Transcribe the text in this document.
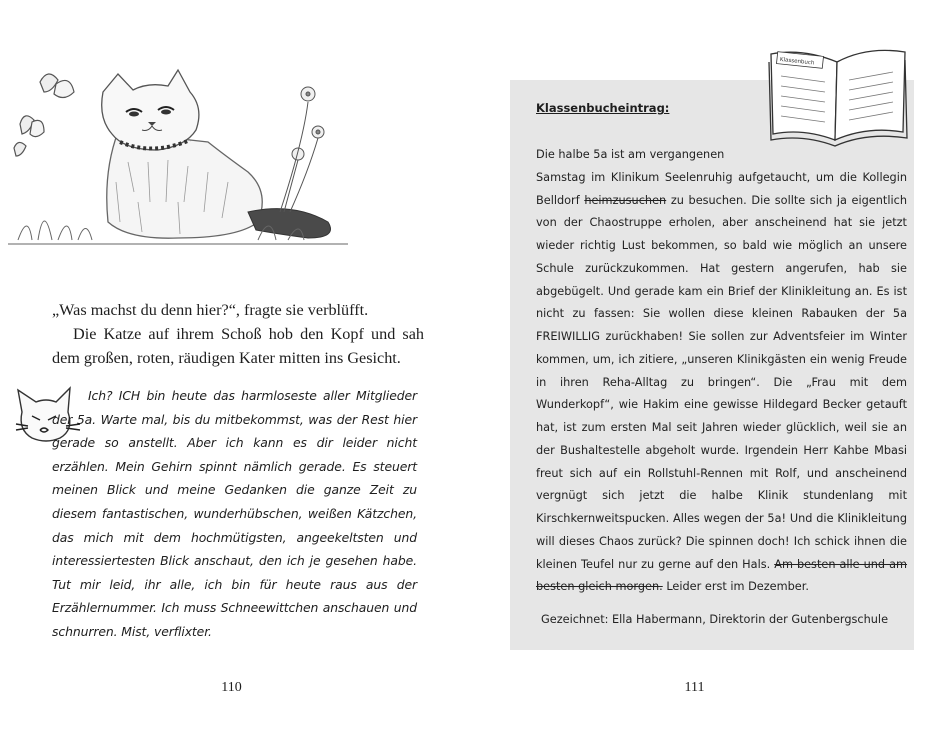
„Was machst du denn hier?“, fragte sie verblüfft.

Die Katze auf ihrem Schoß hob den Kopf und sah dem großen, roten, räudigen Kater mitten ins Gesicht.

Ich? ICH bin heute das harmloseste aller Mitglieder der 5a. Warte mal, bis du mitbekommst, was der Rest hier gerade so anstellt. Aber ich kann es dir leider nicht erzählen. Mein Gehirn spinnt nämlich gerade. Es steuert meinen Blick und meine Gedanken die ganze Zeit zu diesem fantastischen, wunderhübschen, weißen Kätzchen, das mich mit dem hochmütigsten, angeekeltsten und interessiertesten Blick anschaut, den ich je gesehen habe. Tut mir leid, ihr alle, ich bin für heute raus aus der Erzählernummer. Ich muss Schneewittchen anschauen und schnurren. Mist, verflixter.
110
Klassenbuch
Klassenbucheintrag:

Die halbe 5a ist am vergangenen
Samstag im Klinikum Seelenruhig aufgetaucht, um die Kollegin Belldorf heimzusuchen zu besuchen. Die sollte sich ja eigentlich von der Chaostruppe erholen, aber anscheinend hat sie jetzt wieder richtig Lust bekommen, so bald wie möglich an unsere Schule zurückzukommen. Hat gestern angerufen, hab sie abgebügelt. Und gerade kam ein Brief der Klinikleitung an. Es ist nicht zu fassen: Sie wollen diese kleinen Rabauken der 5a FREIWILLIG zurückhaben! Sie sollen zur Adventsfeier im Winter kommen, um, ich zitiere, „unseren Klinikgästen ein wenig Freude in ihren Reha-Alltag zu bringen“. Die „Frau mit dem Wunderkopf“, wie Hakim eine gewisse Hildegard Becker getauft hat, ist zum ersten Mal seit Jahren wieder glücklich, weil sie an der Bushaltestelle abgeholt wurde. Irgendein Herr Kahbe Mbasi freut sich auf ein Rollstuhl-Rennen mit Rolf, und anscheinend vergnügt sich jetzt die halbe Klinik stundenlang mit Kirschkernweitspucken. Alles wegen der 5a! Und die Klinikleitung will dieses Chaos zurück? Die spinnen doch! Ich schick ihnen die kleinen Teufel nur zu gerne auf den Hals. Am besten alle und am besten gleich morgen. Leider erst im Dezember.

Gezeichnet: Ella Habermann, Direktorin der Gutenbergschule
111
